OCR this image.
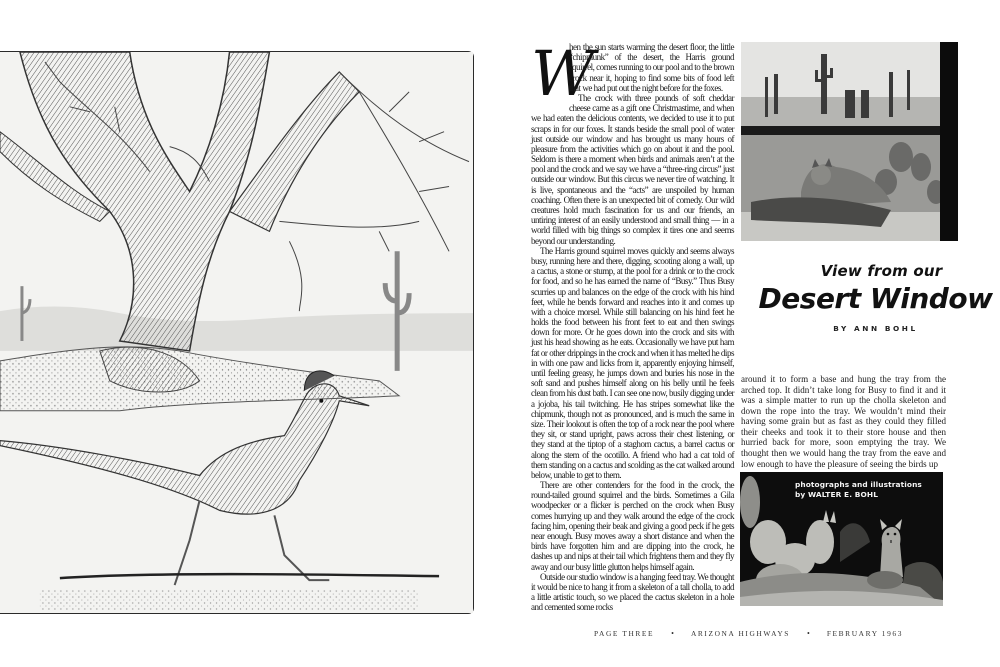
W

hen the sun starts warming the desert floor, the little “chipmunk” of the desert, the Harris ground squirrel, comes running to our pool and to the brown crock near it, hoping to find some bits of food left that we had put out the night before for the foxes.

The crock with three pounds of soft cheddar cheese came as a gift one Christmastime, and when we had eaten the delicious contents, we decided to use it to put scraps in for our foxes. It stands beside the small pool of water just outside our window and has brought us many hours of pleasure from the activities which go on about it and the pool. Seldom is there a moment when birds and animals aren’t at the pool and the crock and we say we have a “three-ring circus” just outside our window. But this circus we never tire of watching. It is live, spontaneous and the “acts” are unspoiled by human coaching. Often there is an unexpected bit of comedy. Our wild creatures hold much fascination for us and our friends, an untiring interest of an easily understood and small thing — in a world filled with big things so complex it tires one and seems beyond our understanding.

The Harris ground squirrel moves quickly and seems always busy, running here and there, digging, scooting along a wall, up a cactus, a stone or stump, at the pool for a drink or to the crock for food, and so he has earned the name of “Busy.” Thus Busy scurries up and balances on the edge of the crock with his hind feet, while he bends forward and reaches into it and comes up with a choice morsel. While still balancing on his hind feet he holds the food between his front feet to eat and then swings down for more. Or he goes down into the crock and sits with just his head showing as he eats. Occasionally we have put ham fat or other drippings in the crock and when it has melted he dips in with one paw and licks from it, apparently enjoying himself, until feeling greasy, he jumps down and buries his nose in the soft sand and pushes himself along on his belly until he feels clean from his dust bath. I can see one now, busily digging under a jojoba, his tail twitching. He has stripes somewhat like the chipmunk, though not as pronounced, and is much the same in size. Their lookout is often the top of a rock near the pool where they sit, or stand upright, paws across their chest listening, or they stand at the tiptop of a staghorn cactus, a barrel cactus or along the stem of the ocotillo. A friend who had a cat told of them standing on a cactus and scolding as the cat walked around below, unable to get to them.

There are other contenders for the food in the crock, the round-tailed ground squirrel and the birds. Sometimes a Gila woodpecker or a flicker is perched on the crock when Busy comes hurrying up and they walk around the edge of the crock facing him, opening their beak and giving a good peck if he gets near enough. Busy moves away a short distance and when the birds have forgotten him and are dipping into the crock, he dashes up and nips at their tail which frightens them and they fly away and our busy little glutton helps himself again.

Outside our studio window is a hanging feed tray. We thought it would be nice to hang it from a skeleton of a tall cholla, to add a little artistic touch, so we placed the cactus skeleton in a hole and cemented some rocks

View from our
Desert Window
BY ANN BOHL

around it to form a base and hung the tray from the arched top. It didn’t take long for Busy to find it and it was a simple matter to run up the cholla skeleton and down the rope into the tray. We wouldn’t mind their having some grain but as fast as they could they filled their cheeks and took it to their store house and then hurried back for more, soon emptying the tray. We thought then we would hang the tray from the eave and low enough to have the pleasure of seeing the birds up

photographs and illustrations
by WALTER E. BOHL
PAGE THREE • ARIZONA HIGHWAYS • FEBRUARY 1963
